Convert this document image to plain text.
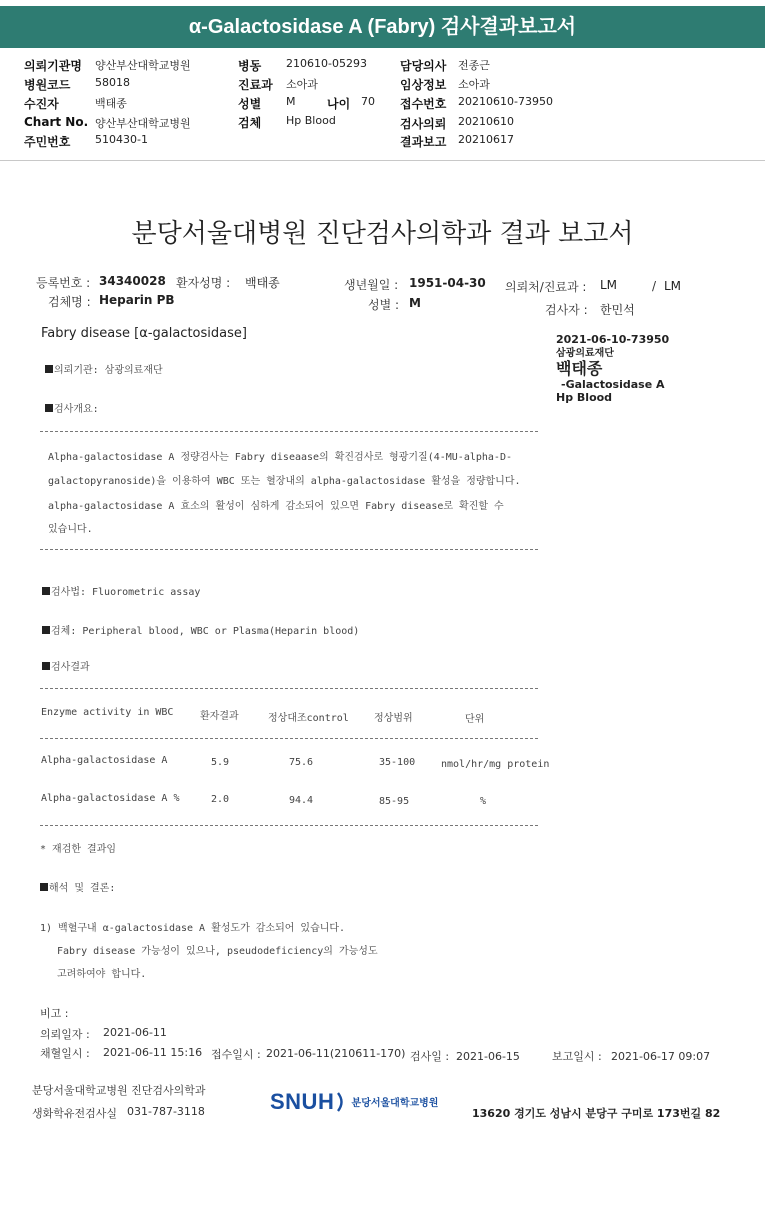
α-Galactosidase A (Fabry) 검사결과보고서
의뢰기관명 양산부산대학교병원
병원코드 58018
수진자	백태종
Chart No. 양산부산대학교병원
주민번호 510430-1
병동 210610-05293
진료과 소아과
성별 M	나이 70
검체 Hp Blood
담당의사 전종근
임상정보 소아과
접수번호 20210610-73950
검사의뢰 20210610
결과보고 20210617
분당서울대병원 진단검사의학과 결과 보고서
등록번호 : 34340028 환자성명 : 백태종	생년월일 : 1951-04-30 의뢰처/진료과 : LM	/ LM
검체명 : Heparin PB	성별 : M	검사자 : 한민석
Fabry disease [α-galactosidase]	2021-06-10-73950
삼광의료재단
백태종
-Galactosidase A
Hp Blood
의뢰기관: 삼광의료재단
검사개요:
Alpha-galactosidase A 정량검사는 Fabry diseaase의 확진검사로 형광기질(4-MU-alpha-D-
galactopyranoside)을 이용하여 WBC 또는 혈장내의 alpha-galactosidase 활성을 정량합니다.
alpha-galactosidase A 효소의 활성이 심하게 감소되어 있으면 Fabry disease로 확진할 수
있습니다.
검사법: Fluorometric assay
검체: Peripheral blood, WBC or Plasma(Heparin blood)
검사결과
Enzyme activity in WBC	환자결과	정상대조control	정상범위	단위
Alpha-galactosidase A	5.9	75.6	35-100	nmol/hr/mg protein
Alpha-galactosidase A %	2.0	94.4	85-95	%
* 재검한 결과임
해석 및 결론:
1) 백혈구내 α-galactosidase A 활성도가 감소되어 있습니다.
Fabry disease 가능성이 있으나, pseudodeficiency의 가능성도
고려하여야 합니다.
비고 :
의뢰일자 : 2021-06-11
채혈일시 : 2021-06-11 15:16 접수일시 : 2021-06-11(210611-170) 검사일 : 2021-06-15	보고일시 : 2021-06-17 09:07
분당서울대학교병원 진단검사의학과
생화학유전검사실 031-787-3118	SNUH 분당서울대학교병원
13620 경기도 성남시 분당구 구미로 173번길 82
